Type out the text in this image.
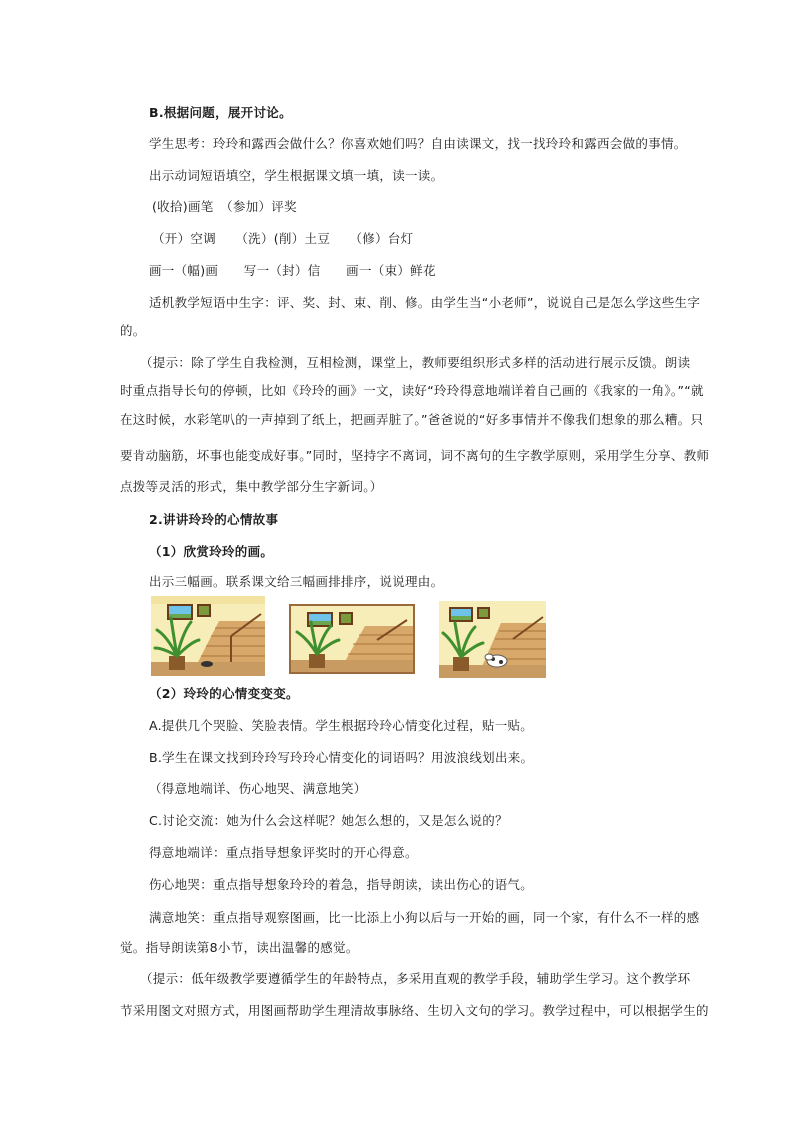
B.根据问题，展开讨论。
学生思考：玲玲和露西会做什么？你喜欢她们吗？自由读课文，找一找玲玲和露西会做的事情。
出示动词短语填空，学生根据课文填一填，读一读。
(收拾)画笔　（参加）评奖
（开）空调　　（洗）(削）土豆　　（修）台灯
画一（幅)画　　写一（封）信　　画一（束）鲜花
适机教学短语中生字：评、奖、封、束、削、修。由学生当“小老师”，说说自己是怎么学这些生字
的。
（提示：除了学生自我检测，互相检测，课堂上，教师要组织形式多样的活动进行展示反馈。朗读
时重点指导长句的停顿，比如《玲玲的画》一文，读好“玲玲得意地端详着自己画的《我家的一角》。”“就
在这时候，水彩笔叭的一声掉到了纸上，把画弄脏了。”爸爸说的“好多事情并不像我们想象的那么糟。只
要肯动脑筋，坏事也能变成好事。”同时，坚持字不离词，词不离句的生字教学原则，采用学生分享、教师
点拨等灵活的形式，集中教学部分生字新词。）
2.讲讲玲玲的心情故事
（1）欣赏玲玲的画。
出示三幅画。联系课文给三幅画排排序，说说理由。
（2）玲玲的心情变变变。
A.提供几个哭脸、笑脸表情。学生根据玲玲心情变化过程，贴一贴。
B.学生在课文找到玲玲写玲玲心情变化的词语吗？用波浪线划出来。
（得意地端详、伤心地哭、满意地笑）
C.讨论交流：她为什么会这样呢？她怎么想的，又是怎么说的？
得意地端详：重点指导想象评奖时的开心得意。
伤心地哭：重点指导想象玲玲的着急，指导朗读，读出伤心的语气。
满意地笑：重点指导观察图画，比一比添上小狗以后与一开始的画，同一个家，有什么不一样的感
觉。指导朗读第8小节，读出温馨的感觉。
（提示：低年级教学要遵循学生的年龄特点，多采用直观的教学手段，辅助学生学习。这个教学环
节采用图文对照方式，用图画帮助学生理清故事脉络、生切入文句的学习。教学过程中，可以根据学生的
